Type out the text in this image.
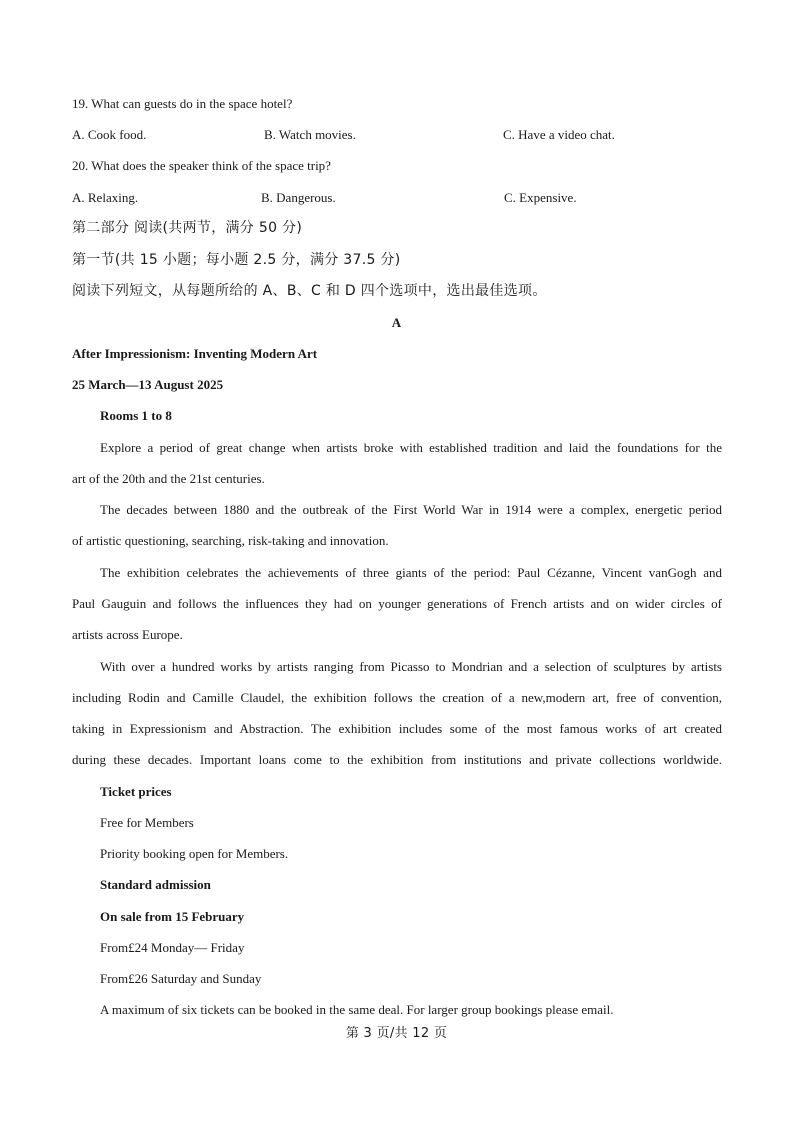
19. What can guests do in the space hotel?
A. Cook food.	B. Watch movies.	C. Have a video chat.
20. What does the speaker think of the space trip?
A. Relaxing.	B. Dangerous.	C. Expensive.
第二部分 阅读(共两节，满分 50 分)
第一节(共 15 小题；每小题 2.5 分，满分 37.5 分)
阅读下列短文，从每题所给的 A、B、C 和 D 四个选项中，选出最佳选项。
A
After Impressionism: Inventing Modern Art
25 March—13 August 2025
Rooms 1 to 8
Explore a period of great change when artists broke with established tradition and laid the foundations for the
art of the 20th and the 21st centuries.
The decades between 1880 and the outbreak of the First World War in 1914 were a complex, energetic period
of artistic questioning, searching, risk-taking and innovation.
The exhibition celebrates the achievements of three giants of the period: Paul Cézanne, Vincent vanGogh and
Paul Gauguin and follows the influences they had on younger generations of French artists and on wider circles of
artists across Europe.
With over a hundred works by artists ranging from Picasso to Mondrian and a selection of sculptures by artists
including Rodin and Camille Claudel, the exhibition follows the creation of a new,modern art, free of convention,
taking in Expressionism and Abstraction. The exhibition includes some of the most famous works of art created
during these decades. Important loans come to the exhibition from institutions and private collections worldwide.
Ticket prices
Free for Members
Priority booking open for Members.
Standard admission
On sale from 15 February
From£24 Monday— Friday
From£26 Saturday and Sunday
A maximum of six tickets can be booked in the same deal. For larger group bookings please email.
第 3 页/共 12 页
